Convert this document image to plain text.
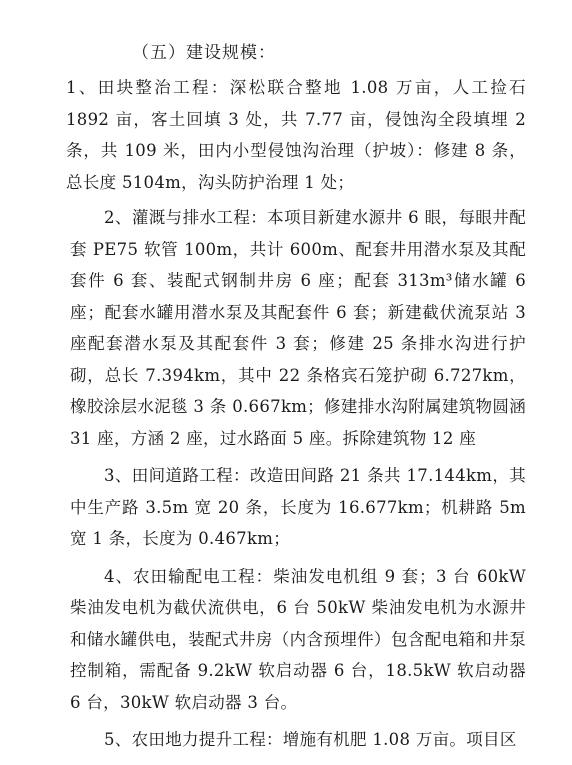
（五）建设规模：

1、田块整治工程：深松联合整地 1.08 万亩，人工捡石 1892 亩，客土回填 3 处，共 7.77 亩，侵蚀沟全段填埋 2 条，共 109 米，田内小型侵蚀沟治理（护坡）：修建 8 条，总长度 5104m，沟头防护治理 1 处；

2、灌溉与排水工程：本项目新建水源井 6 眼，每眼井配套 PE75 软管 100m，共计 600m、配套井用潜水泵及其配套件 6 套、装配式钢制井房 6 座；配套 313m³储水罐 6 座；配套水罐用潜水泵及其配套件 6 套；新建截伏流泵站 3 座配套潜水泵及其配套件 3 套；修建 25 条排水沟进行护砌，总长 7.394km，其中 22 条格宾石笼护砌 6.727km，橡胶涂层水泥毯 3 条 0.667km；修建排水沟附属建筑物圆涵 31 座，方涵 2 座，过水路面 5 座。拆除建筑物 12 座

3、田间道路工程：改造田间路 21 条共 17.144km，其中生产路 3.5m 宽 20 条，长度为 16.677km；机耕路 5m 宽 1 条，长度为 0.467km；

4、农田输配电工程：柴油发电机组 9 套；3 台 60kW 柴油发电机为截伏流供电，6 台 50kW 柴油发电机为水源井和储水罐供电，装配式井房（内含预埋件）包含配电箱和井泵控制箱，需配备 9.2kW 软启动器 6 台，18.5kW 软启动器 6 台，30kW 软启动器 3 台。

5、农田地力提升工程：增施有机肥 1.08 万亩。项目区
